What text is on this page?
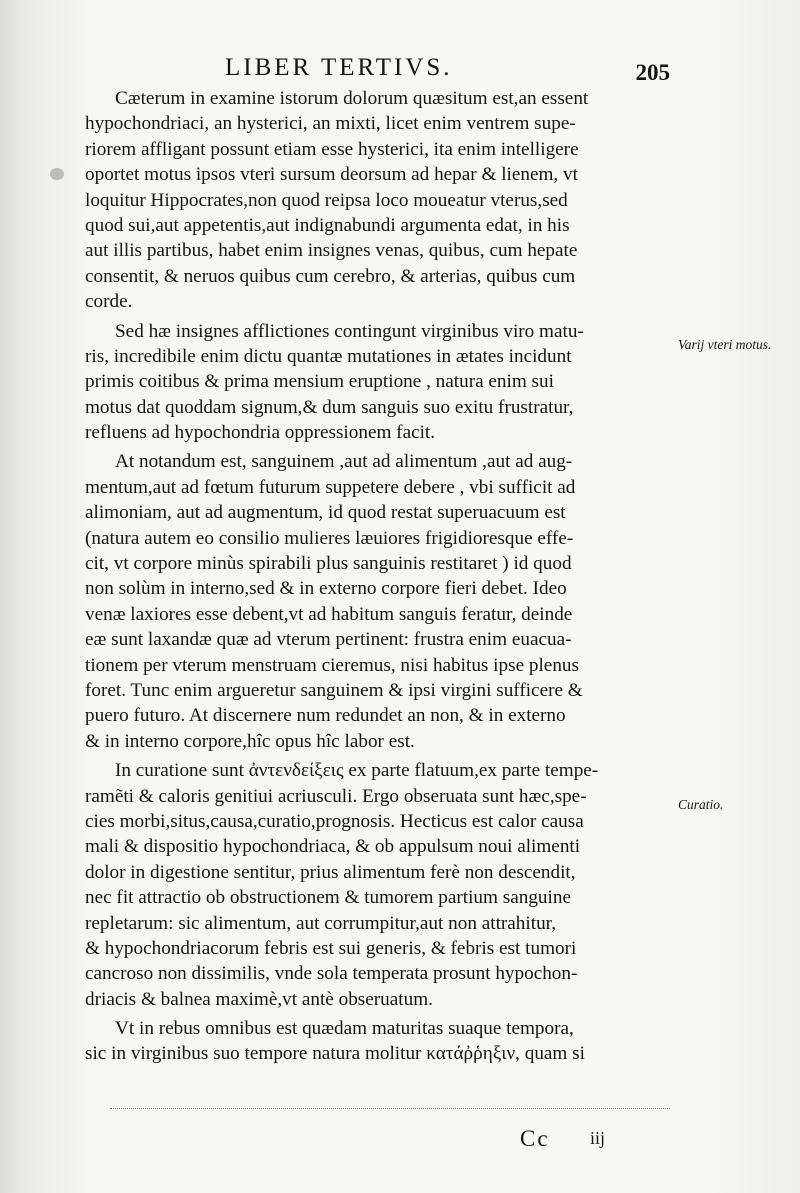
LIBER TERTIVS.	205
Cæterum in examine istorum dolorum quæsitum est,an essent
hypochondriaci, an hysterici, an mixti, licet enim ventrem supe-
riorem affligant possunt etiam esse hysterici, ita enim intelligere
oportet motus ipsos vteri sursum deorsum ad hepar & lienem, vt
loquitur Hippocrates,non quod reipsa loco moueatur vterus,sed
quod sui,aut appetentis,aut indignabundi argumenta edat, in his
aut illis partibus, habet enim insignes venas, quibus, cum hepate
consentit, & neruos quibus cum cerebro, & arterias, quibus cum
corde.
Sed hæ insignes afflictiones contingunt virginibus viro matu-
ris, incredibile enim dictu quantæ mutationes in ætates incidunt
primis coitibus & prima mensium eruptione , natura enim sui
motus dat quoddam signum,& dum sanguis suo exitu frustratur,
refluens ad hypochondria oppressionem facit.
At notandum est, sanguinem ,aut ad alimentum ,aut ad aug-
mentum,aut ad fœtum futurum suppetere debere , vbi sufficit ad
alimoniam, aut ad augmentum, id quod restat superuacuum est
(natura autem eo consilio mulieres læuiores frigidioresque effe-
cit, vt corpore minùs spirabili plus sanguinis restitaret ) id quod
non solùm in interno,sed & in externo corpore fieri debet. Ideo
venæ laxiores esse debent,vt ad habitum sanguis feratur, deinde
eæ sunt laxandæ quæ ad vterum pertinent: frustra enim euacua-
tionem per vterum menstruam cieremus, nisi habitus ipse plenus
foret. Tunc enim argueretur sanguinem & ipsi virgini sufficere &
puero futuro. At discernere num redundet an non, & in externo
& in interno corpore,hîc opus hîc labor est.
In curatione sunt ἀντενδείξεις ex parte flatuum,ex parte tempe-
ramẽti & caloris genitiui acriusculi. Ergo obseruata sunt hæc,spe-
cies morbi,situs,causa,curatio,prognosis. Hecticus est calor causa
mali & dispositio hypochondriaca, & ob appulsum noui alimenti
dolor in digestione sentitur, prius alimentum ferè non descendit,
nec fit attractio ob obstructionem & tumorem partium sanguine
repletarum: sic alimentum, aut corrumpitur,aut non attrahitur,
& hypochondriacorum febris est sui generis, & febris est tumori
cancroso non dissimilis, vnde sola temperata prosunt hypochon-
driacis & balnea maximè,vt antè obseruatum.
Vt in rebus omnibus est quædam maturitas suaque tempora,
sic in virginibus suo tempore natura molitur κατάῤῥηξιν, quam si
Varij vteri motus.
Curatio.
Cc iij
